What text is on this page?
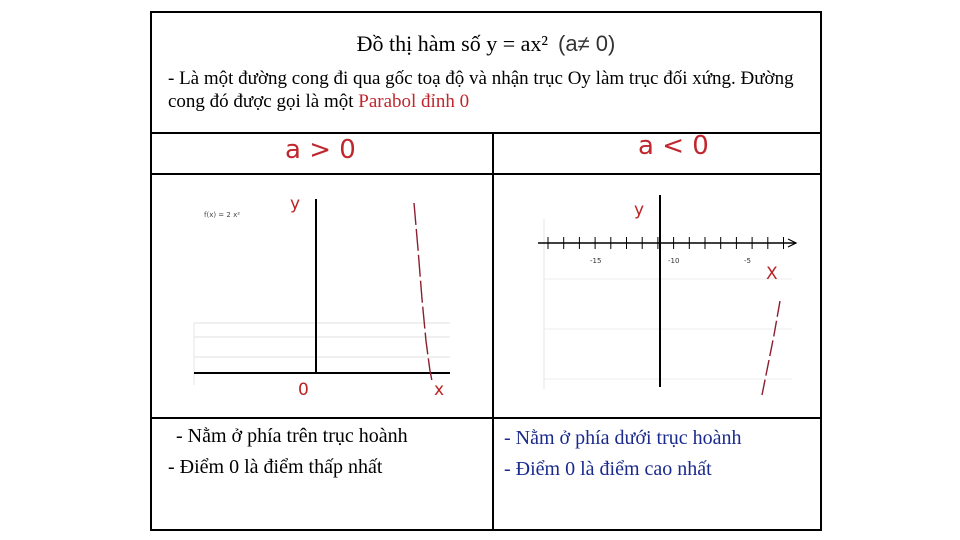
Đồ thị hàm số y = ax² (a≠ 0)
- Là một đường cong đi qua gốc toạ độ và nhận trục Oy làm trục đối xứng. Đường cong đó được gọi là một Parabol đỉnh 0
a > 0	a < 0
f(x) = 2 x²
y
x
0
-15	-10	-5
y
X
- Nằm ở phía trên trục hoành
- Điểm 0 là điểm thấp nhất
- Nằm ở phía dưới trục hoành
- Điểm 0 là điểm cao nhất
